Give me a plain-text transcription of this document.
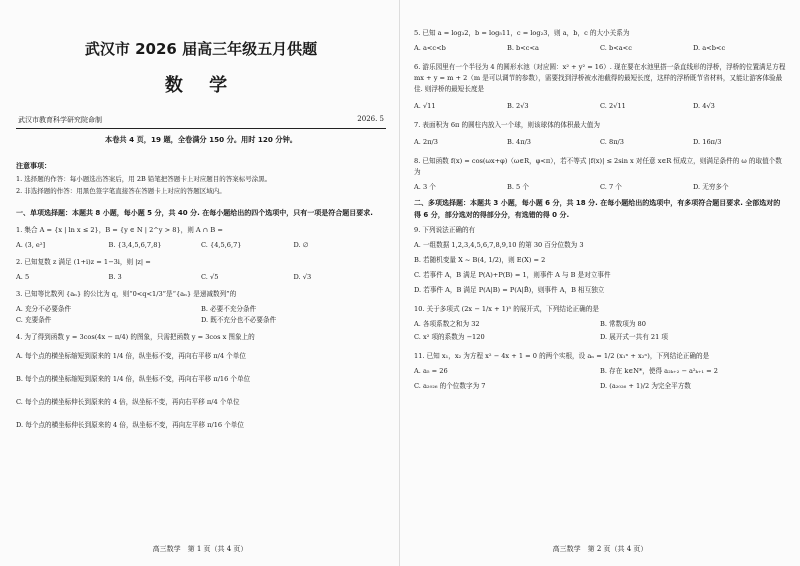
武汉市 2026 届高三年级五月供题
数 学
武汉市教育科学研究院命制	2026. 5
本卷共 4 页，19 题，全卷满分 150 分。用时 120 分钟。
注意事项：
1. 选择题的作答：每小题选出答案后，用 2B 铅笔把答题卡上对应题目的答案标号涂黑。
2. 非选择题的作答：用黑色签字笔直接答在答题卡上对应的答题区域内。
一、单项选择题：本题共 8 小题，每小题 5 分，共 40 分. 在每小题给出的四个选项中，只有一项是符合题目要求.
1. 集合 A = {x | ln x ≤ 2}，B = {y ∈ N | 2^y > 8}，则 A ∩ B =
A. (3, e²]	B. {3,4,5,6,7,8}	C. {4,5,6,7}	D. ∅
2. 已知复数 z 满足 (1+i)z = 1−3i，则 |z| =
A. 5	B. 3	C. √5	D. √3
3. 已知等比数列 {aₙ} 的公比为 q，则“0<q<1/3”是“{aₙ} 是递减数列”的
A. 充分不必要条件	B. 必要不充分条件
C. 充要条件	D. 既不充分也不必要条件
4. 为了得到函数 y = 3cos(4x − π/4) 的图象，只需把函数 y = 3cos x 图象上的
A. 每个点的横坐标缩短到原来的 1/4 倍，纵坐标不变，再向右平移 π/4 个单位
B. 每个点的横坐标缩短到原来的 1/4 倍，纵坐标不变，再向右平移 π/16 个单位
C. 每个点的横坐标伸长到原来的 4 倍，纵坐标不变，再向右平移 π/4 个单位
D. 每个点的横坐标伸长到原来的 4 倍，纵坐标不变，再向左平移 π/16 个单位
高三数学　第 1 页（共 4 页）
5. 已知 a = log₃2，b = log₅11，c = log₂3，则 a，b，c 的大小关系为
A. a<c<b	B. b<c<a	C. b<a<c	D. a<b<c
6. 游乐园里有一个半径为 4 的圆形水池（对应圆：x² + y² = 16）. 现在要在水池里搭一条直线形的浮桥，浮桥的位置满足方程 mx + y = m + 2（m 是可以调节的参数），需要找到浮桥被水池截得的最短长度，这样的浮桥既节省材料，又能让游客体验最佳. 则浮桥的最短长度是
A. √11	B. 2√3	C. 2√11	D. 4√3
7. 表面积为 6π 的圆柱内放入一个球，则该球体的体积最大值为
A. 2π/3	B. 4π/3	C. 8π/3	D. 16π/3
8. 已知函数 f(x) = cos(ωx+φ)（ω∈R，φ<π），若不等式 |f(x)| ≤ 2sin x 对任意 x∈R 恒成立，则满足条件的 ω 的取值个数为
A. 3 个	B. 5 个	C. 7 个	D. 无穷多个
二、多项选择题：本题共 3 小题，每小题 6 分，共 18 分. 在每小题给出的选项中，有多项符合题目要求. 全部选对的得 6 分，部分选对的得部分分，有选错的得 0 分.
9. 下列说法正确的有
A. 一组数据 1,2,3,4,5,6,7,8,9,10 的第 30 百分位数为 3
B. 若随机变量 X ~ B(4, 1/2)，则 E(X) = 2
C. 若事件 A，B 满足 P(A)+P(B) = 1，则事件 A 与 B 是对立事件
D. 若事件 A，B 满足 P(A|B) = P(A|B̄)，则事件 A，B 相互独立
10. 关于多项式 (2x − 1/x + 1)⁵ 的展开式，下列结论正确的是
A. 各项系数之和为 32	B. 常数项为 80
C. x² 项的系数为 −120	D. 展开式一共有 21 项
11. 已知 x₁，x₂ 为方程 x² − 4x + 1 = 0 的两个实根，设 aₙ = 1/2 (x₁ⁿ + x₂ⁿ)，下列结论正确的是
A. a₅ = 26	B. 存在 k∈N*，使得 a₂ₖ₊₂ − a²ₖ₊₁ = 2
C. a₂₀₂₆ 的个位数字为 7	D. (a₂₀₂₆ + 1)/2 为完全平方数
高三数学　第 2 页（共 4 页）
